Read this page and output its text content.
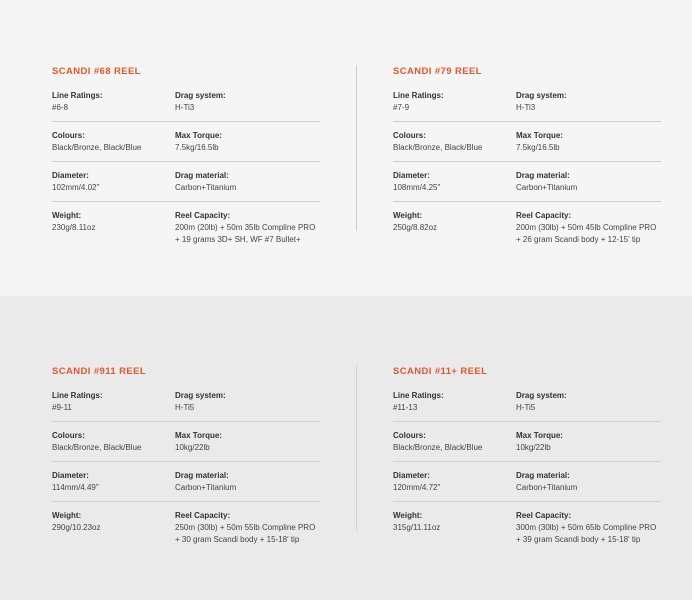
SCANDI #68 REEL
Line Ratings:
#6-8
Drag system:
H-Ti3
Colours:
Black/Bronze, Black/Blue
Max Torque:
7.5kg/16.5lb
Diameter:
102mm/4.02"
Drag material:
Carbon+Titanium
Weight:
230g/8.11oz
Reel Capacity:
200m (20lb) + 50m 35lb Compline PRO + 19 grams 3D+ SH, WF #7 Bullet+
SCANDI #79 REEL
Line Ratings:
#7-9
Drag system:
H-Ti3
Colours:
Black/Bronze, Black/Blue
Max Torque:
7.5kg/16.5lb
Diameter:
108mm/4.25"
Drag material:
Carbon+Titanium
Weight:
250g/8.82oz
Reel Capacity:
200m (30lb) + 50m 45lb Compline PRO + 26 gram Scandi body + 12-15' tip
SCANDI #911 REEL
Line Ratings:
#9-11
Drag system:
H-Ti5
Colours:
Black/Bronze, Black/Blue
Max Torque:
10kg/22lb
Diameter:
114mm/4.49"
Drag material:
Carbon+Titanium
Weight:
290g/10.23oz
Reel Capacity:
250m (30lb) + 50m 55lb Compline PRO + 30 gram Scandi body + 15-18' tip
SCANDI #11+ REEL
Line Ratings:
#11-13
Drag system:
H-Ti5
Colours:
Black/Bronze, Black/Blue
Max Torque:
10kg/22lb
Diameter:
120mm/4.72"
Drag material:
Carbon+Titanium
Weight:
315g/11.11oz
Reel Capacity:
300m (30lb) + 50m 65lb Compline PRO + 39 gram Scandi body + 15-18' tip
